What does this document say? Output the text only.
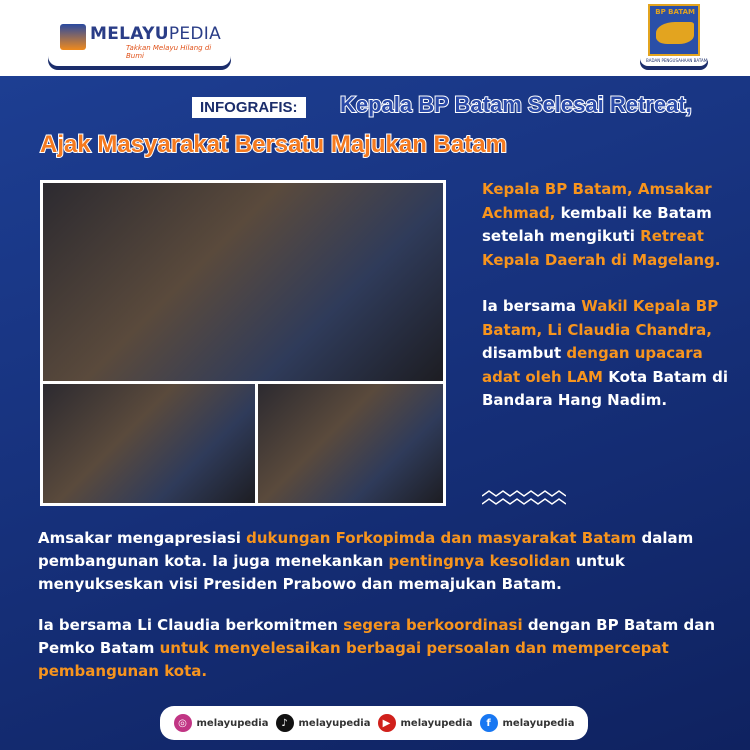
MELAYUPEDIA
Takkan Melayu Hilang di Bumi
BP BATAM
BADAN PENGUSAHAAN BATAM
INFOGRAFIS:	Kepala BP Batam Selesai Retreat,
Ajak Masyarakat Bersatu Majukan Batam

Kepala BP Batam, Amsakar Achmad, kembali ke Batam setelah mengikuti Retreat Kepala Daerah di Magelang.

Ia bersama Wakil Kepala BP Batam, Li Claudia Chandra, disambut dengan upacara adat oleh LAM Kota Batam di Bandara Hang Nadim.

Amsakar mengapresiasi dukungan Forkopimda dan masyarakat Batam dalam pembangunan kota. Ia juga menekankan pentingnya kesolidan untuk menyukseskan visi Presiden Prabowo dan memajukan Batam.

Ia bersama Li Claudia berkomitmen segera berkoordinasi dengan BP Batam dan Pemko Batam untuk menyelesaikan berbagai persoalan dan mempercepat pembangunan kota.

◎ melayupedia	♪	melayupedia	▶	melayupedia	f	melayupedia
